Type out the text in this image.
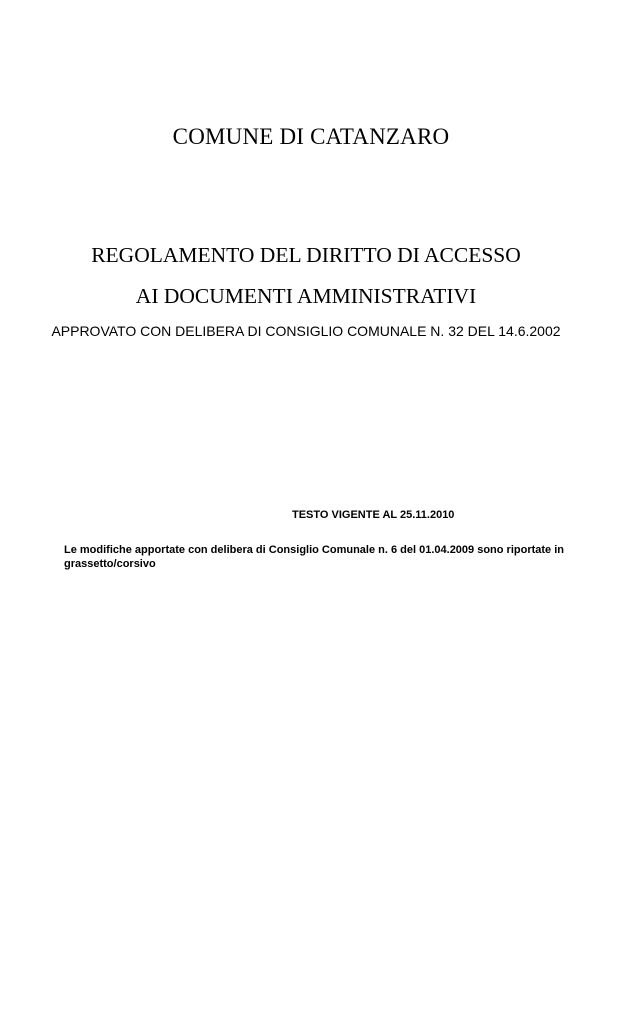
COMUNE DI CATANZARO
REGOLAMENTO DEL DIRITTO DI ACCESSO
AI DOCUMENTI AMMINISTRATIVI
APPROVATO CON DELIBERA DI CONSIGLIO COMUNALE N. 32 DEL 14.6.2002
TESTO VIGENTE AL 25.11.2010
Le modifiche apportate con delibera di Consiglio Comunale n. 6 del 01.04.2009 sono riportate in grassetto/corsivo
